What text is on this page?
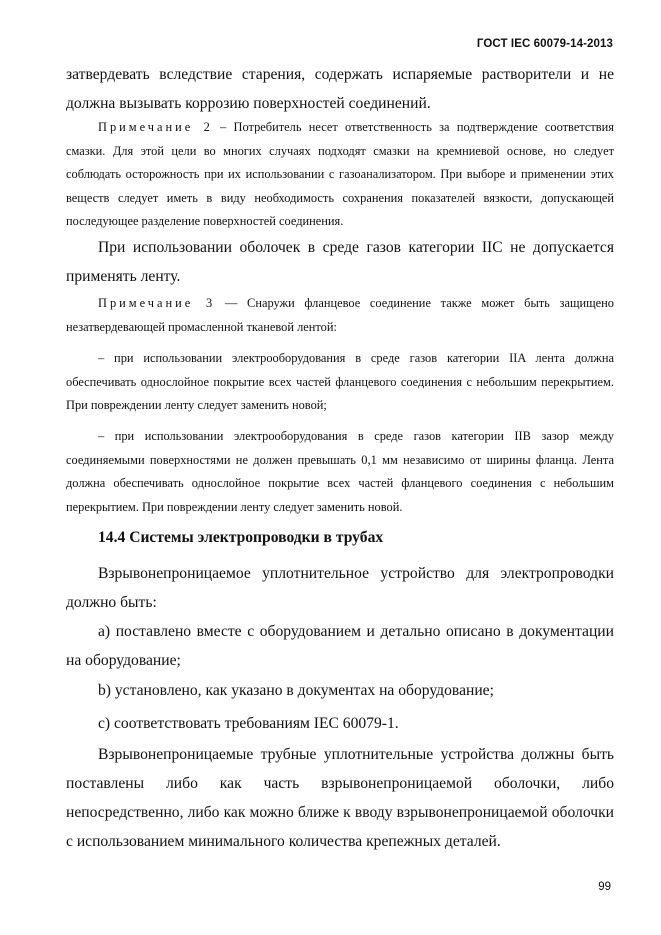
ГОСТ IEC 60079-14-2013

затвердевать вследствие старения, содержать испаряемые растворители и не должна вызывать коррозию поверхностей соединений.

Примечание 2 – Потребитель несет ответственность за подтверждение соответствия смазки. Для этой цели во многих случаях подходят смазки на кремниевой основе, но следует соблюдать осторожность при их использовании с газоанализатором. При выборе и применении этих веществ следует иметь в виду необходимость сохранения показателей вязкости, допускающей последующее разделение поверхностей соединения.

При использовании оболочек в среде газов категории IIC не допускается применять ленту.

Примечание 3 — Снаружи фланцевое соединение также может быть защищено незатвердевающей промасленной тканевой лентой:

– при использовании электрооборудования в среде газов категории IIA лента должна обеспечивать однослойное покрытие всех частей фланцевого соединения с небольшим перекрытием. При повреждении ленту следует заменить новой;

– при использовании электрооборудования в среде газов категории IIB зазор между соединяемыми поверхностями не должен превышать 0,1 мм независимо от ширины фланца. Лента должна обеспечивать однослойное покрытие всех частей фланцевого соединения с небольшим перекрытием. При повреждении ленту следует заменить новой.

14.4 Системы электропроводки в трубах

Взрывонепроницаемое уплотнительное устройство для электропроводки должно быть:

a) поставлено вместе с оборудованием и детально описано в документации на оборудование;

b) установлено, как указано в документах на оборудование;

c) соответствовать требованиям IEC 60079-1.

Взрывонепроницаемые трубные уплотнительные устройства должны быть поставлены либо как часть взрывонепроницаемой оболочки, либо непосредственно, либо как можно ближе к вводу взрывонепроницаемой оболочки с использованием минимального количества крепежных деталей.

99
